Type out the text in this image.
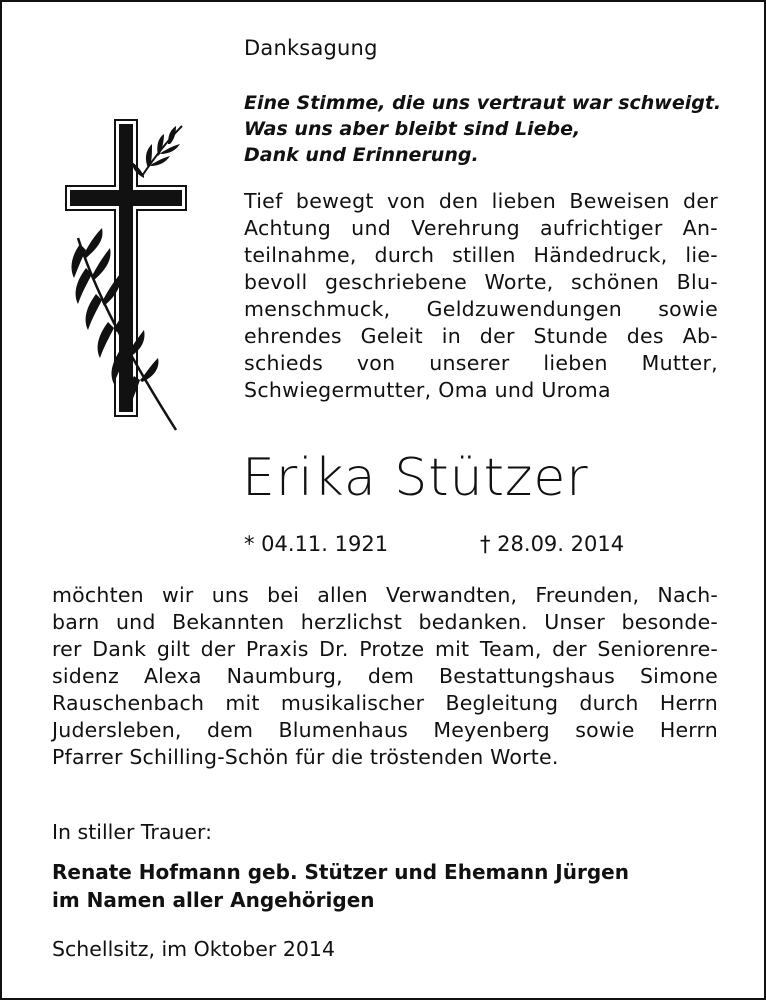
Danksagung

Eine Stimme, die uns vertraut war schweigt.
Was uns aber bleibt sind Liebe,
Dank und Erinnerung.

Tief bewegt von den lieben Beweisen der
Achtung und Verehrung aufrichtiger An-
teilnahme, durch stillen Händedruck, lie-
bevoll geschriebene Worte, schönen Blu-
menschmuck, Geldzuwendungen sowie
ehrendes Geleit in der Stunde des Ab-
schieds von unserer lieben Mutter,
Schwiegermutter, Oma und Uroma

Erika Stützer
* 04.11. 1921	† 28.09. 2014

möchten wir uns bei allen Verwandten, Freunden, Nach-
barn und Bekannten herzlichst bedanken. Unser besonde-
rer Dank gilt der Praxis Dr. Protze mit Team, der Seniorenre-
sidenz Alexa Naumburg, dem Bestattungshaus Simone
Rauschenbach mit musikalischer Begleitung durch Herrn
Judersleben, dem Blumenhaus Meyenberg sowie Herrn
Pfarrer Schilling-Schön für die tröstenden Worte.

In stiller Trauer:

Renate Hofmann geb. Stützer und Ehemann Jürgen
im Namen aller Angehörigen

Schellsitz, im Oktober 2014
